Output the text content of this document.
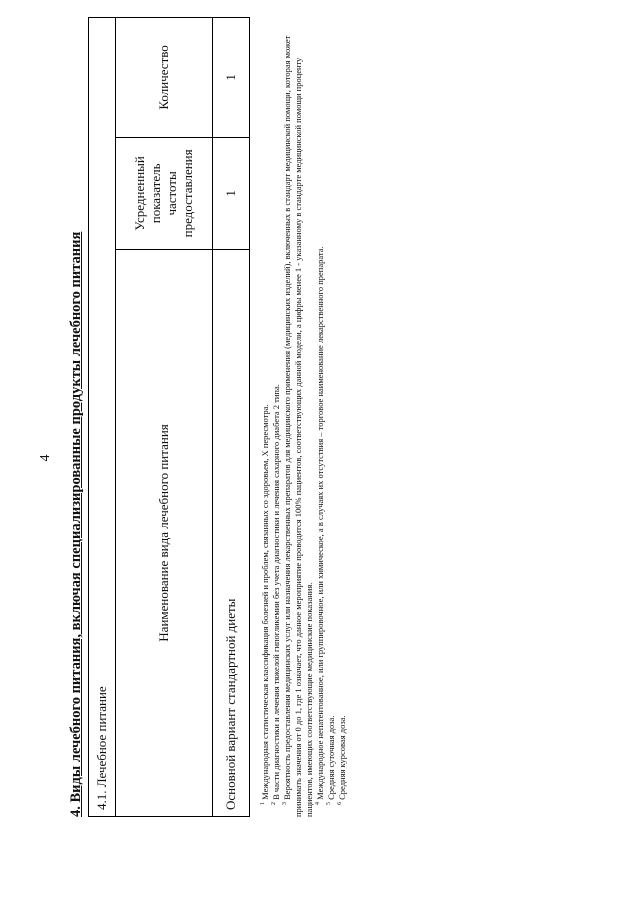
4 4. Виды лечебного питания, включая специализированные продукты лечебного питания 4.1. Лечебное питание		
Наименование вида лечебного питания	Усредненный показатель частоты предоставления	Количество
Основной вариант стандартной диеты	1	1

$^1$ Международная статистическая классификация болезней и проблем, связанных со здоровьем, X пересмотра.

$^2$ В части диагностики и лечения тяжелой гипогликемии без учета диагностики и лечения сахарного диабета 2 типа.

$^3$ Вероятность предоставления медицинских услуг или назначения лекарственных препаратов для медицинского применения (медицинских изделий), включенных в стандарт медицинской помощи, которая может принимать значения от 0 до 1, где 1 означает, что данное мероприятие проводится 100% пациентов, соответствующих данной модели, а цифры менее 1 - указанному в стандарте медицинской помощи проценту пациентов, имеющих соответствующие медицинские показания. $^4$ Международное непатентованное, или группировочное, или химическое, а в случаях их отсутствия – торговое наименование лекарственного препарата.

$^5$ Средняя суточная доза.

$^6$ Средняя курсовая доза.
